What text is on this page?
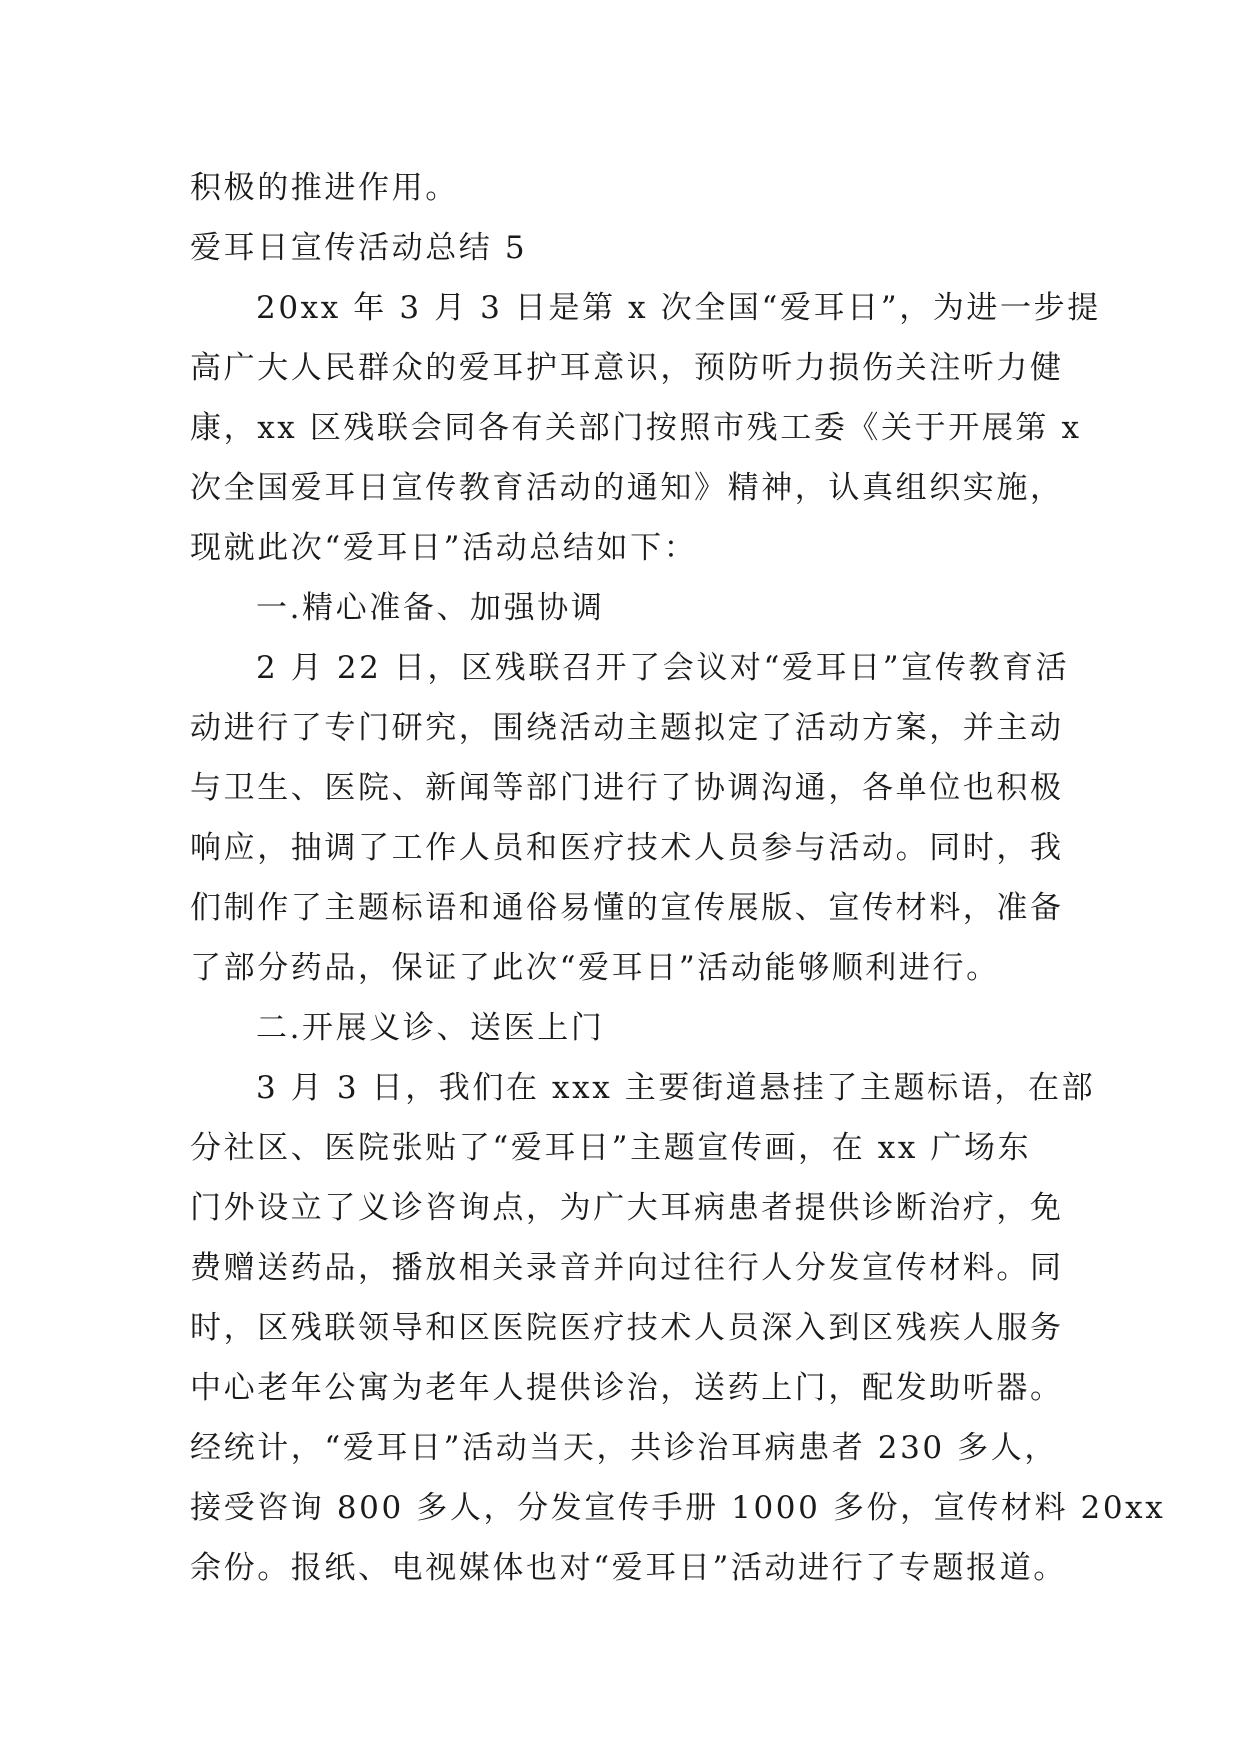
积极的推进作用。
爱耳日宣传活动总结 5
20xx 年 3 月 3 日是第 x 次全国“爱耳日”，为进一步提
高广大人民群众的爱耳护耳意识，预防听力损伤关注听力健
康，xx 区残联会同各有关部门按照市残工委《关于开展第 x
次全国爱耳日宣传教育活动的通知》精神，认真组织实施，
现就此次“爱耳日”活动总结如下：
一.精心准备、加强协调
2 月 22 日，区残联召开了会议对“爱耳日”宣传教育活
动进行了专门研究，围绕活动主题拟定了活动方案，并主动
与卫生、医院、新闻等部门进行了协调沟通，各单位也积极
响应，抽调了工作人员和医疗技术人员参与活动。同时，我
们制作了主题标语和通俗易懂的宣传展版、宣传材料，准备
了部分药品，保证了此次“爱耳日”活动能够顺利进行。
二.开展义诊、送医上门
3 月 3 日，我们在 xxx 主要街道悬挂了主题标语，在部
分社区、医院张贴了“爱耳日”主题宣传画，在 xx 广场东
门外设立了义诊咨询点，为广大耳病患者提供诊断治疗，免
费赠送药品，播放相关录音并向过往行人分发宣传材料。同
时，区残联领导和区医院医疗技术人员深入到区残疾人服务
中心老年公寓为老年人提供诊治，送药上门，配发助听器。
经统计，“爱耳日”活动当天，共诊治耳病患者 230 多人，
接受咨询 800 多人，分发宣传手册 1000 多份，宣传材料 20xx
余份。报纸、电视媒体也对“爱耳日”活动进行了专题报道。
